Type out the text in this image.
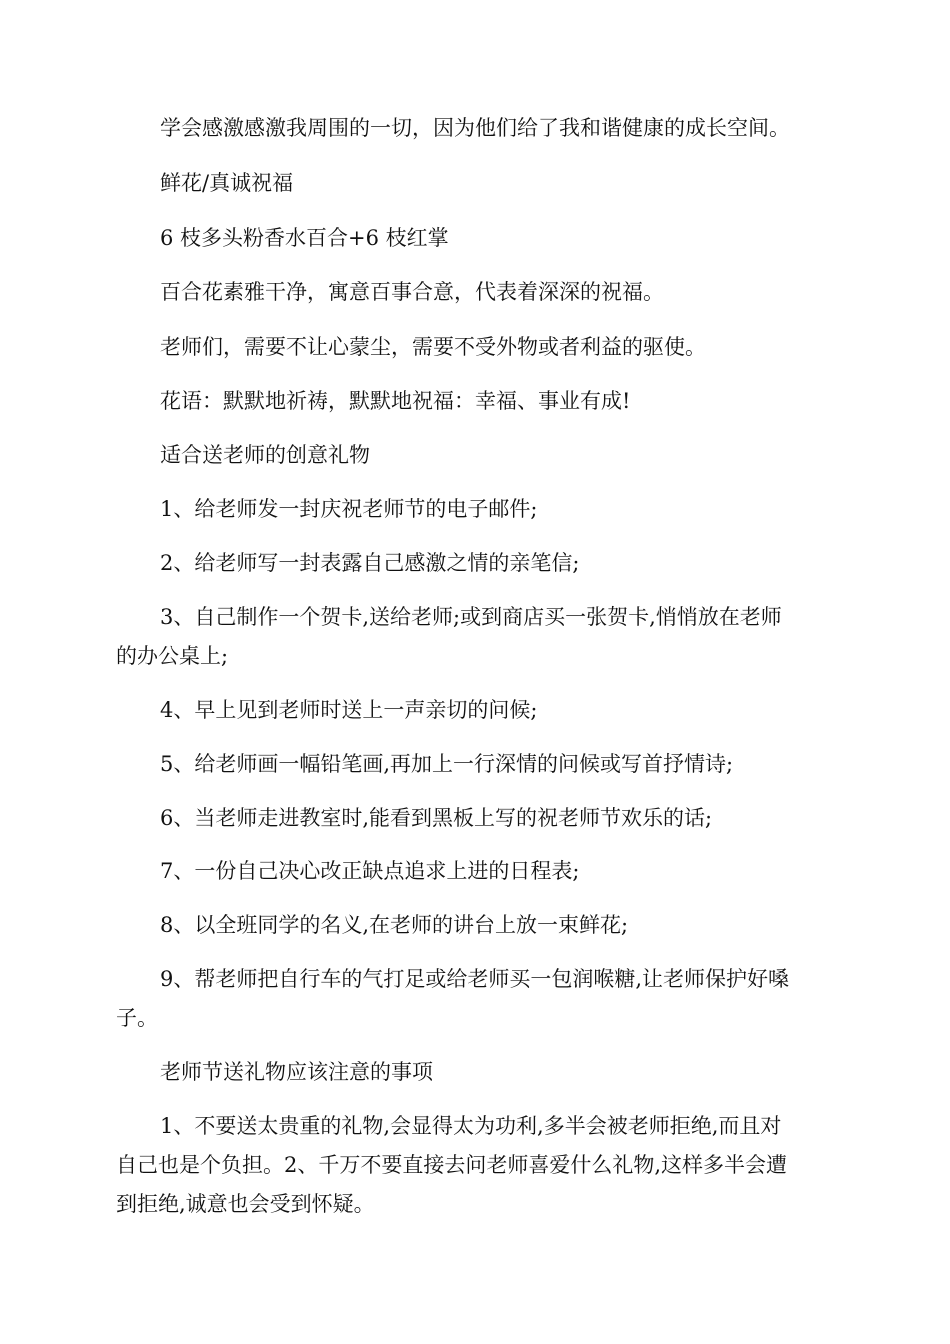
学会感激感激我周围的一切，因为他们给了我和谐健康的成长空间。
鲜花/真诚祝福
6 枝多头粉香水百合+6 枝红掌
百合花素雅干净，寓意百事合意，代表着深深的祝福。
老师们，需要不让心蒙尘，需要不受外物或者利益的驱使。
花语：默默地祈祷，默默地祝福：幸福、事业有成!
适合送老师的创意礼物
1、给老师发一封庆祝老师节的电子邮件;
2、给老师写一封表露自己感激之情的亲笔信;
3、自己制作一个贺卡,送给老师;或到商店买一张贺卡,悄悄放在老师
的办公桌上;
4、早上见到老师时送上一声亲切的问候;
5、给老师画一幅铅笔画,再加上一行深情的问候或写首抒情诗;
6、当老师走进教室时,能看到黑板上写的祝老师节欢乐的话;
7、一份自己决心改正缺点追求上进的日程表;
8、以全班同学的名义,在老师的讲台上放一束鲜花;
9、帮老师把自行车的气打足或给老师买一包润喉糖,让老师保护好嗓
子。
老师节送礼物应该注意的事项
1、不要送太贵重的礼物,会显得太为功利,多半会被老师拒绝,而且对
自己也是个负担。2、千万不要直接去问老师喜爱什么礼物,这样多半会遭
到拒绝,诚意也会受到怀疑。
